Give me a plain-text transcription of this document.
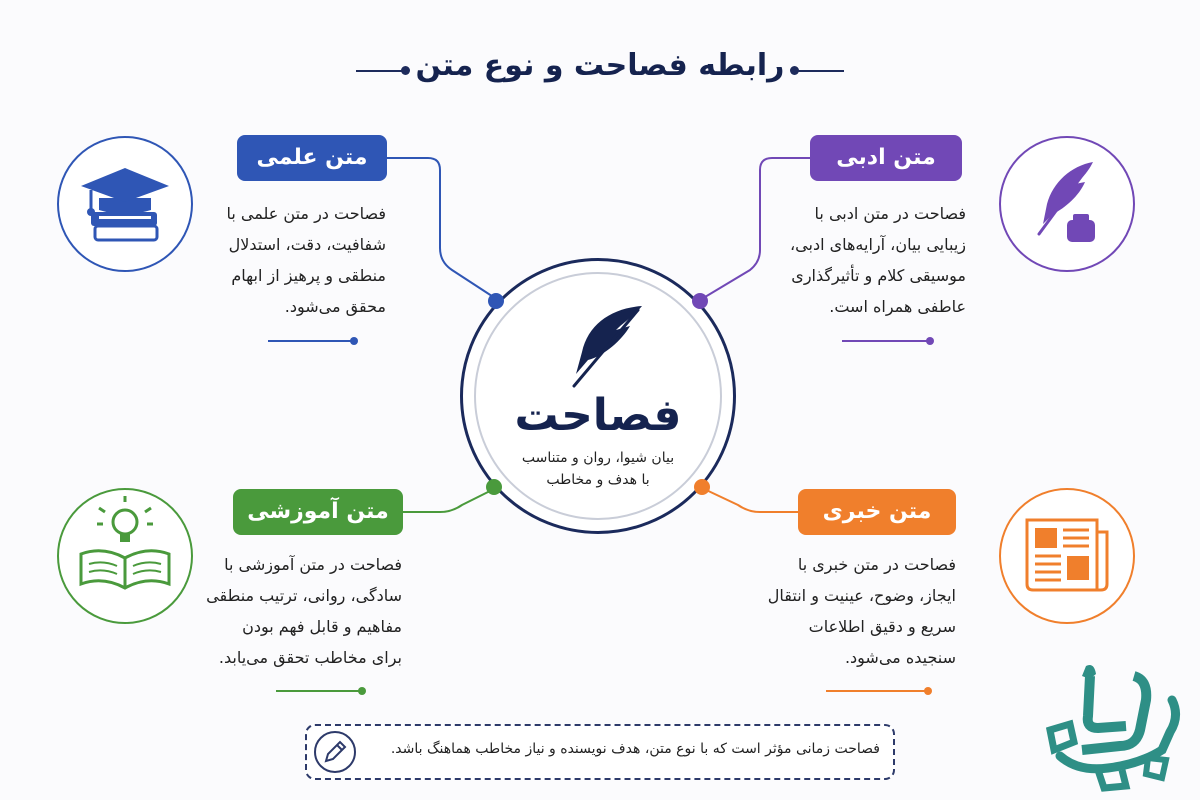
رابطه فصاحت و نوع متن
فصاحت
بیان شیوا، روان و متناسب
با هدف و مخاطب
متن علمی
فصاحت در متن علمی با
شفافیت، دقت، استدلال
منطقی و پرهیز از ابهام
محقق می‌شود.
متن ادبی
فصاحت در متن ادبی با
زیبایی بیان، آرایه‌های ادبی،
موسیقی کلام و تأثیرگذاری
عاطفی همراه است.
متن آموزشی
فصاحت در متن آموزشی با
سادگی، روانی، ترتیب منطقی
مفاهیم و قابل فهم بودن
برای مخاطب تحقق می‌یابد.
متن خبری
فصاحت در متن خبری با
ایجاز، وضوح، عینیت و انتقال
سریع و دقیق اطلاعات
سنجیده می‌شود.
فصاحت زمانی مؤثر است که با نوع متن، هدف نویسنده و نیاز مخاطب هماهنگ باشد.
